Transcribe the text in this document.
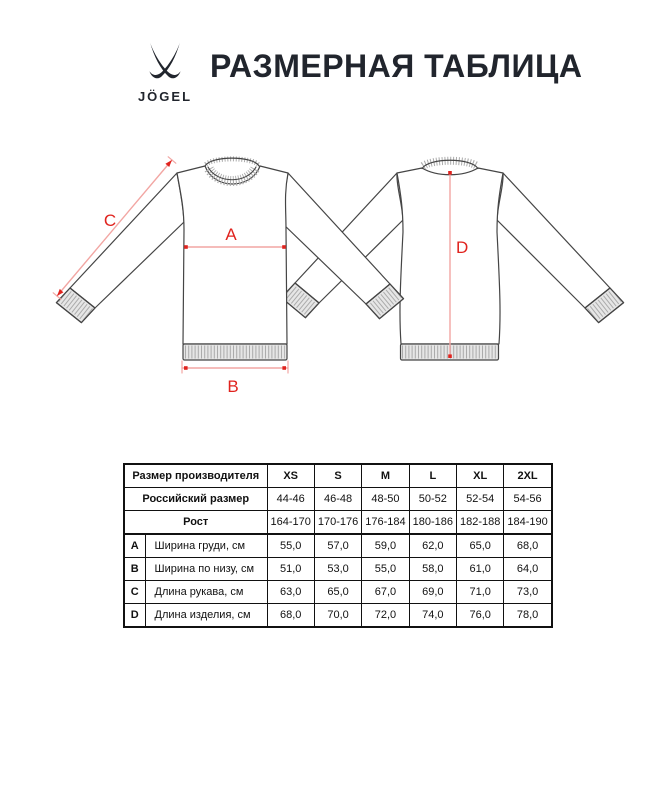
JÖGEL
РАЗМЕРНАЯ ТАБЛИЦА
D
A
B
C
Размер производителя		XS	S	M	L	XL	2XL
Российский размер		44-46	46-48	48-50	50-52	52-54	54-56
Рост		164-170	170-176	176-184	180-186	182-188	184-190
A	Ширина груди, см	55,0	57,0	59,0	62,0	65,0	68,0
B	Ширина по низу, см	51,0	53,0	55,0	58,0	61,0	64,0
C	Длина рукава, см	63,0	65,0	67,0	69,0	71,0	73,0
D	Длина изделия, см	68,0	70,0	72,0	74,0	76,0	78,0
